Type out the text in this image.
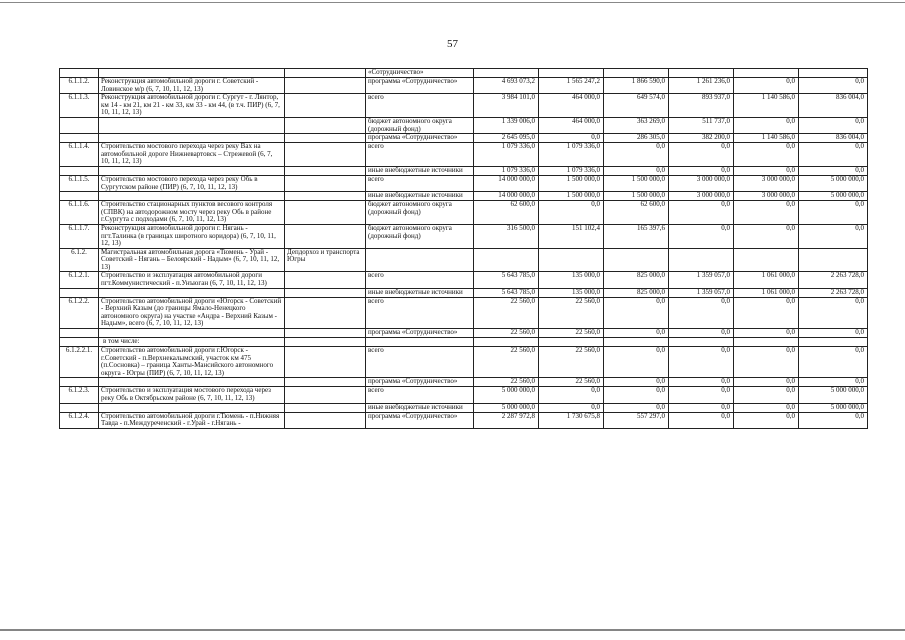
57
			«Сотрудничество»						
6.1.1.2.	Реконструкция автомобильной дороги г. Советский - Ловинское м/р (6, 7, 10, 11, 12, 13)		программа «Сотрудничество»	4 693 073,2	1 565 247,2	1 866 590,0	1 261 236,0	0,0	0,0
6.1.1.3.	Реконструкция автомобильной дороги г. Сургут - г. Лянтор, км 14 - км 21, км 21 - км 33, км 33 - км 44, (в т.ч. ПИР) (6, 7, 10, 11, 12, 13)		всего	3 984 101,0	464 000,0	649 574,0	893 937,0	1 140 586,0	836 004,0
			бюджет автономного округа (дорожный фонд)	1 339 006,0	464 000,0	363 269,0	511 737,0	0,0	0,0
			программа «Сотрудничество»	2 645 095,0	0,0	286 305,0	382 200,0	1 140 586,0	836 004,0
6.1.1.4.	Строительство мостового перехода через реку Вах на автомобильной дороге Нижневартовск – Стрежевой (6, 7, 10, 11, 12, 13)		всего	1 079 336,0	1 079 336,0	0,0	0,0	0,0	0,0
			иные внебюджетные источники	1 079 336,0	1 079 336,0	0,0	0,0	0,0	0,0
6.1.1.5.	Строительство мостового перехода через реку Обь в Сургутском районе (ПИР) (6, 7, 10, 11, 12, 13)		всего	14 000 000,0	1 500 000,0	1 500 000,0	3 000 000,0	3 000 000,0	5 000 000,0
			иные внебюджетные источники	14 000 000,0	1 500 000,0	1 500 000,0	3 000 000,0	3 000 000,0	5 000 000,0
6.1.1.6.	Строительство стационарных пунктов весового контроля (СПВК) на автодорожном мосту через реку Обь в районе г.Сургута с подходами (6, 7, 10, 11, 12, 13)		бюджет автономного округа (дорожный фонд)	62 600,0	0,0	62 600,0	0,0	0,0	0,0
6.1.1.7.	Реконструкция автомобильной дороги г. Нягань - пгт.Талинка (в границах широтного коридора) (6, 7, 10, 11, 12, 13)		бюджет автономного округа (дорожный фонд)	316 500,0	151 102,4	165 397,6	0,0	0,0	0,0
6.1.2.	Магистральная автомобильная дорога «Тюмень - Урай - Советский - Нягань – Белоярский - Надым» (6, 7, 10, 11, 12, 13)	Депдорхоз и транспорта Югры							
6.1.2.1.	Строительство и эксплуатация автомобильной дороги пгт.Коммунистический - п.Унъюган (6, 7, 10, 11, 12, 13)		всего	5 643 785,0	135 000,0	825 000,0	1 359 057,0	1 061 000,0	2 263 728,0
			иные внебюджетные источники	5 643 785,0	135 000,0	825 000,0	1 359 057,0	1 061 000,0	2 263 728,0
6.1.2.2.	Строительство автомобильной дороги «Югорск - Советский - Верхний Казым (до границы Ямало-Ненецкого автономного округа) на участке «Андра - Верхний Казым - Надым», всего (6, 7, 10, 11, 12, 13)		всего	22 560,0	22 560,0	0,0	0,0	0,0	0,0
			программа «Сотрудничество»	22 560,0	22 560,0	0,0	0,0	0,0	0,0
	в том числе:								
6.1.2.2.1.	Строительство автомобильной дороги г.Югорск - г.Советский - п.Верхнекалымский, участок км 475 (п.Сосновка) – граница Ханты-Мансийского автономного округа - Югры (ПИР) (6, 7, 10, 11, 12, 13)		всего	22 560,0	22 560,0	0,0	0,0	0,0	0,0
			программа «Сотрудничество»	22 560,0	22 560,0	0,0	0,0	0,0	0,0
6.1.2.3.	Строительство и эксплуатация мостового перехода через реку Обь в Октябрьском районе (6, 7, 10, 11, 12, 13)		всего	5 000 000,0	0,0	0,0	0,0	0,0	5 000 000,0
			иные внебюджетные источники	5 000 000,0	0,0	0,0	0,0	0,0	5 000 000,0
6.1.2.4.	Строительство автомобильной дороги г.Тюмень - п.Нижняя Тавда - п.Междуреченский - г.Урай - г.Нягань -		программа «Сотрудничество»	2 287 972,8	1 730 675,8	557 297,0	0,0	0,0	0,0
